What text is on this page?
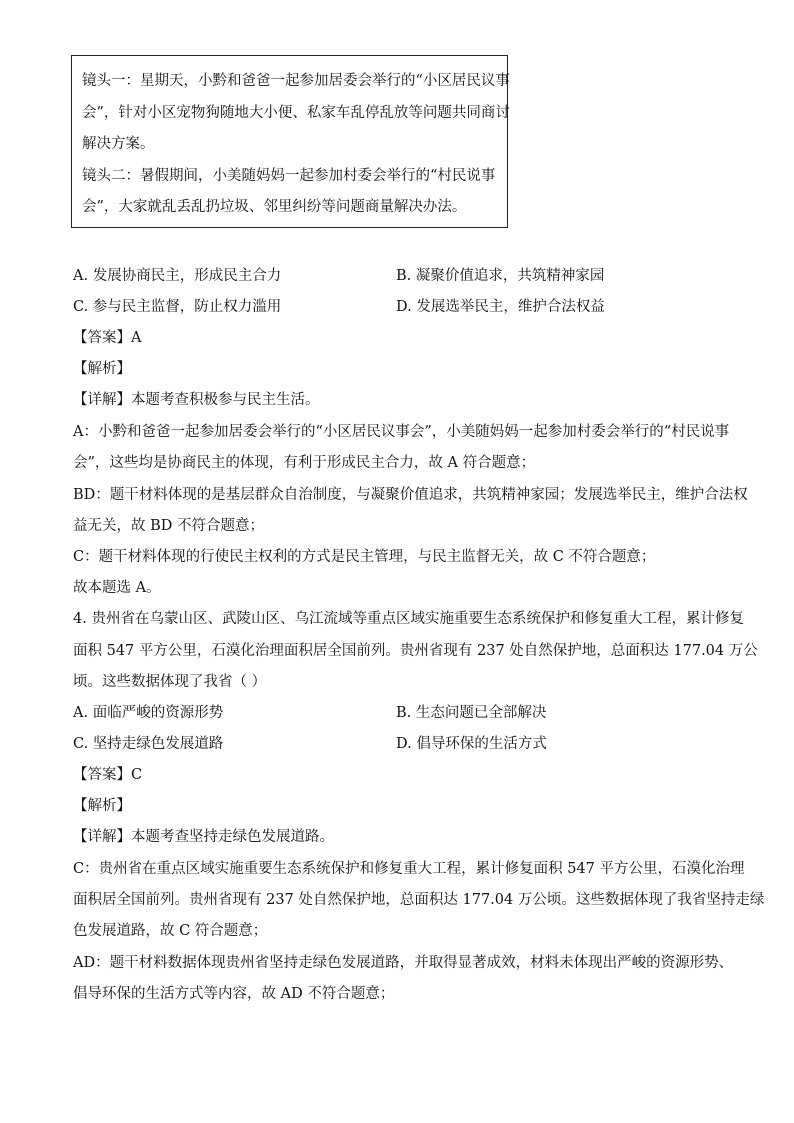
镜头一：星期天，小黔和爸爸一起参加居委会举行的“小区居民议事

会”，针对小区宠物狗随地大小便、私家车乱停乱放等问题共同商讨

解决方案。

镜头二：暑假期间，小美随妈妈一起参加村委会举行的“村民说事

会”，大家就乱丢乱扔垃圾、邻里纠纷等问题商量解决办法。

A. 发展协商民主，形成民主合力	B. 凝聚价值追求，共筑精神家园
C. 参与民主监督，防止权力滥用	D. 发展选举民主，维护合法权益
【答案】A
【解析】
【详解】本题考查积极参与民主生活。
A：小黔和爸爸一起参加居委会举行的“小区居民议事会”，小美随妈妈一起参加村委会举行的“村民说事
会”，这些均是协商民主的体现，有利于形成民主合力，故 A 符合题意；
BD：题干材料体现的是基层群众自治制度，与凝聚价值追求，共筑精神家园；发展选举民主，维护合法权
益无关，故 BD 不符合题意；
C：题干材料体现的行使民主权利的方式是民主管理，与民主监督无关，故 C 不符合题意；
故本题选 A。
4. 贵州省在乌蒙山区、武陵山区、乌江流域等重点区域实施重要生态系统保护和修复重大工程，累计修复
面积 547 平方公里，石漠化治理面积居全国前列。贵州省现有 237 处自然保护地，总面积达 177.04 万公
顷。这些数据体现了我省（ ）
A. 面临严峻的资源形势	B. 生态问题已全部解决
C. 坚持走绿色发展道路	D. 倡导环保的生活方式
【答案】C
【解析】
【详解】本题考查坚持走绿色发展道路。
C：贵州省在重点区域实施重要生态系统保护和修复重大工程，累计修复面积 547 平方公里，石漠化治理
面积居全国前列。贵州省现有 237 处自然保护地，总面积达 177.04 万公顷。这些数据体现了我省坚持走绿
色发展道路，故 C 符合题意；
AD：题干材料数据体现贵州省坚持走绿色发展道路，并取得显著成效，材料未体现出严峻的资源形势、
倡导环保的生活方式等内容，故 AD 不符合题意；
